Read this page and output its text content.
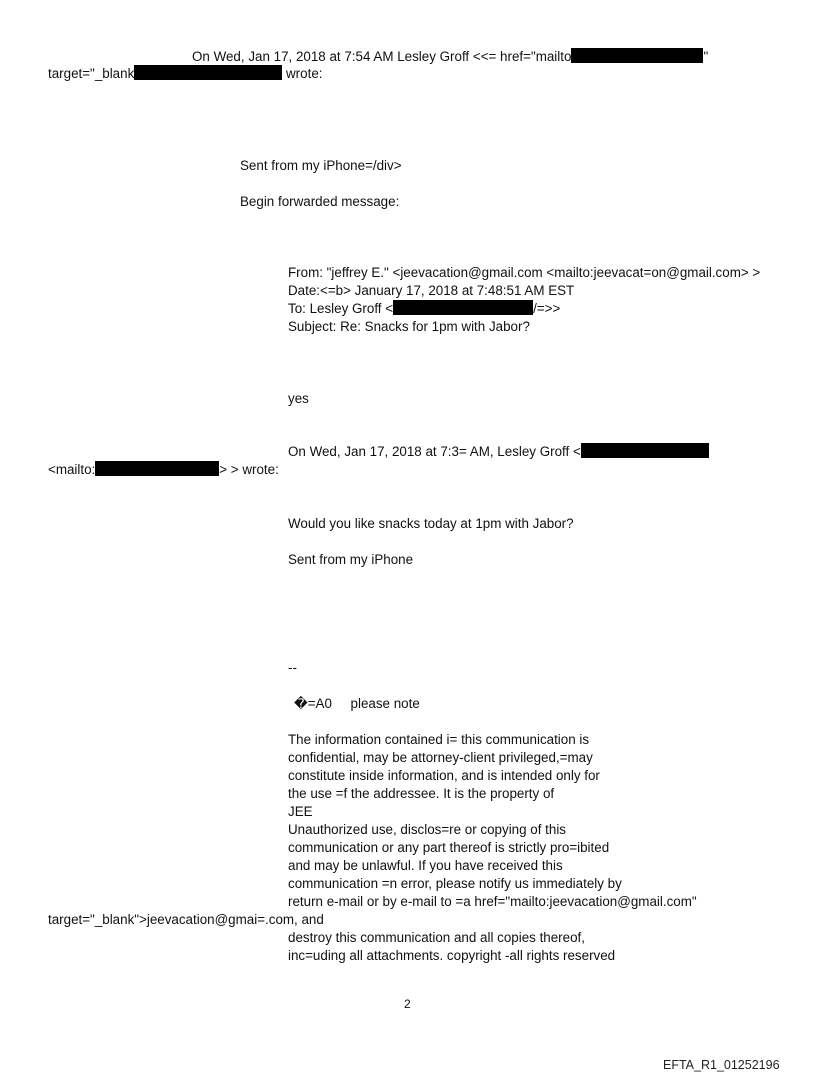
On Wed, Jan 17, 2018 at 7:54 AM Lesley Groff <<= href="mailto	"
target="_blank	wrote:
Sent from my iPhone=/div>
Begin forwarded message:
From: "jeffrey E." <jeevacation@gmail.com <mailto:jeevacat=on@gmail.com> >
Date:<=b> January 17, 2018 at 7:48:51 AM EST
To: Lesley Groff <	/=>>
Subject: Re: Snacks for 1pm with Jabor?
yes
On Wed, Jan 17, 2018 at 7:3= AM, Lesley Groff <
<mailto:	> > wrote:
Would you like snacks today at 1pm with Jabor?
Sent from my iPhone
--
�=A0     please note
The information contained i= this communication is
confidential, may be attorney-client privileged,=may
constitute inside information, and is intended only for
the use =f the addressee. It is the property of
JEE
Unauthorized use, disclos=re or copying of this
communication or any part thereof is strictly pro=ibited
and may be unlawful. If you have received this
communication =n error, please notify us immediately by
return e-mail or by e-mail to =a href="mailto:jeevacation@gmail.com"
target="_blank">jeevacation@gmai=.com, and
destroy this communication and all copies thereof,
inc=uding all attachments. copyright -all rights reserved
2
EFTA_R1_01252196
